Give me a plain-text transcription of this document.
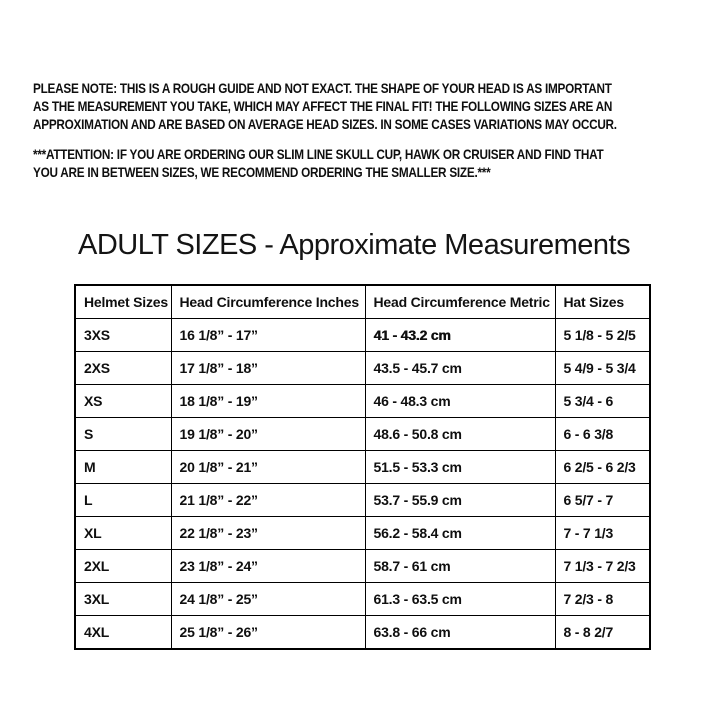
PLEASE NOTE: THIS IS A ROUGH GUIDE AND NOT EXACT. THE SHAPE OF YOUR HEAD IS AS IMPORTANT
AS THE MEASUREMENT YOU TAKE, WHICH MAY AFFECT THE FINAL FIT! THE FOLLOWING SIZES ARE AN
APPROXIMATION AND ARE BASED ON AVERAGE HEAD SIZES. IN SOME CASES VARIATIONS MAY OCCUR.
***ATTENTION: IF YOU ARE ORDERING OUR SLIM LINE SKULL CUP, HAWK OR CRUISER AND FIND THAT
YOU ARE IN BETWEEN SIZES, WE RECOMMEND ORDERING THE SMALLER SIZE.***
ADULT SIZES - Approximate Measurements
Helmet Sizes	Head Circumference Inches	Head Circumference Metric	Hat Sizes
3XS	16 1/8” - 17”	41 - 43.2 cm	5 1/8 - 5 2/5
2XS	17 1/8” - 18”	43.5 - 45.7 cm	5 4/9 - 5 3/4
XS	18 1/8” - 19”	46 - 48.3 cm	5 3/4 - 6
S	19 1/8” - 20”	48.6 - 50.8 cm	6 - 6 3/8
M	20 1/8” - 21”	51.5 - 53.3 cm	6 2/5 - 6 2/3
L	21 1/8” - 22”	53.7 - 55.9 cm	6 5/7 - 7
XL	22 1/8” - 23”	56.2 - 58.4 cm	7 - 7 1/3
2XL	23 1/8” - 24”	58.7 - 61 cm	7 1/3 - 7 2/3
3XL	24 1/8” - 25”	61.3 - 63.5 cm	7 2/3 - 8
4XL	25 1/8” - 26”	63.8 - 66 cm	8 - 8 2/7
